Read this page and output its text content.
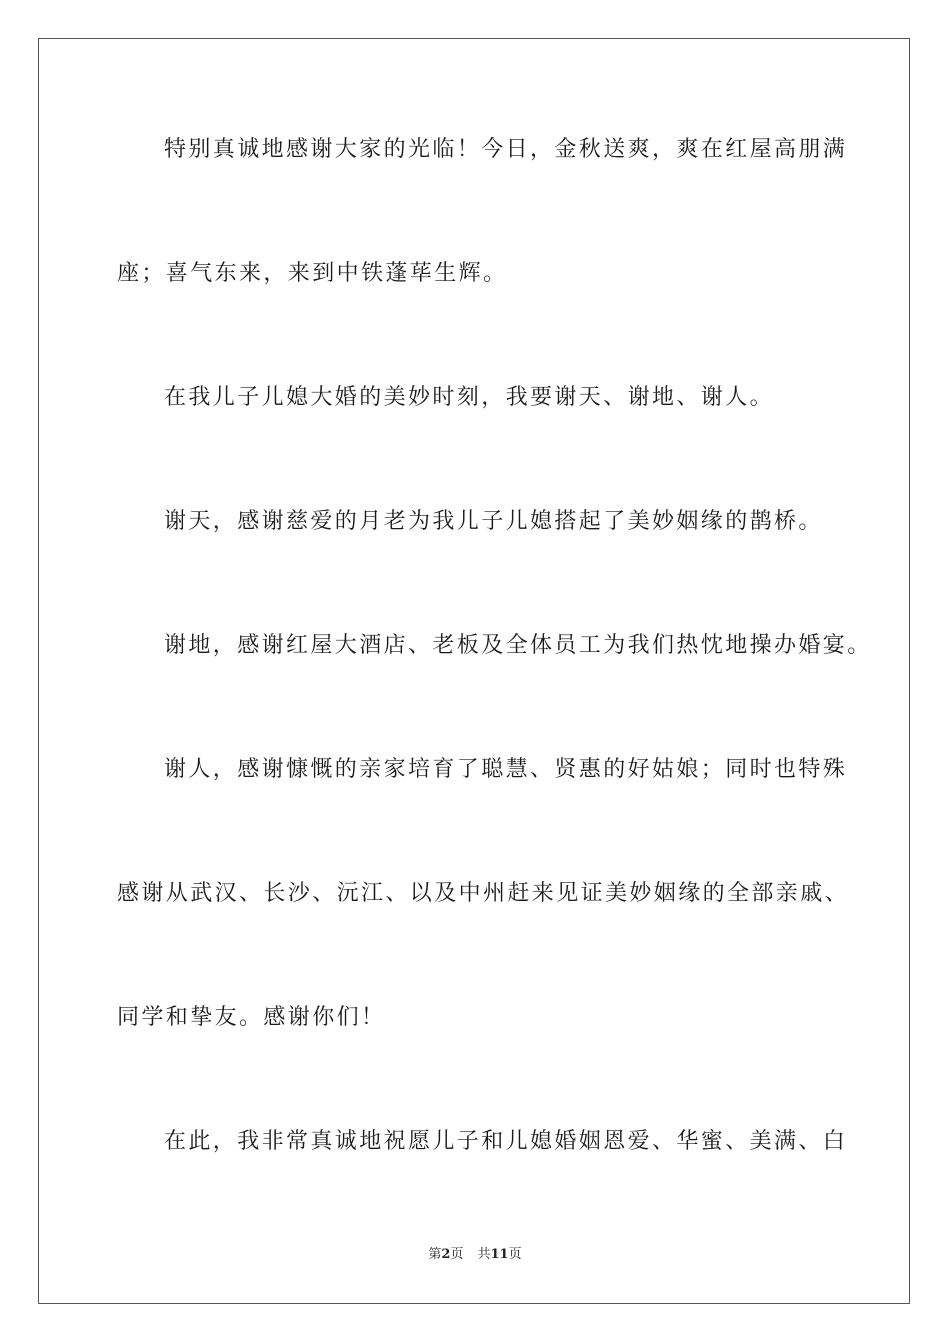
特别真诚地感谢大家的光临！今日，金秋送爽，爽在红屋高朋满
座；喜气东来，来到中铁蓬荜生辉。
在我儿子儿媳大婚的美妙时刻，我要谢天、谢地、谢人。
谢天，感谢慈爱的月老为我儿子儿媳搭起了美妙姻缘的鹊桥。
谢地，感谢红屋大酒店、老板及全体员工为我们热忱地操办婚宴。
谢人，感谢慷慨的亲家培育了聪慧、贤惠的好姑娘；同时也特殊
感谢从武汉、长沙、沅江、以及中州赶来见证美妙姻缘的全部亲戚、
同学和挚友。感谢你们！
在此，我非常真诚地祝愿儿子和儿媳婚姻恩爱、华蜜、美满、白
第2页 共11页
